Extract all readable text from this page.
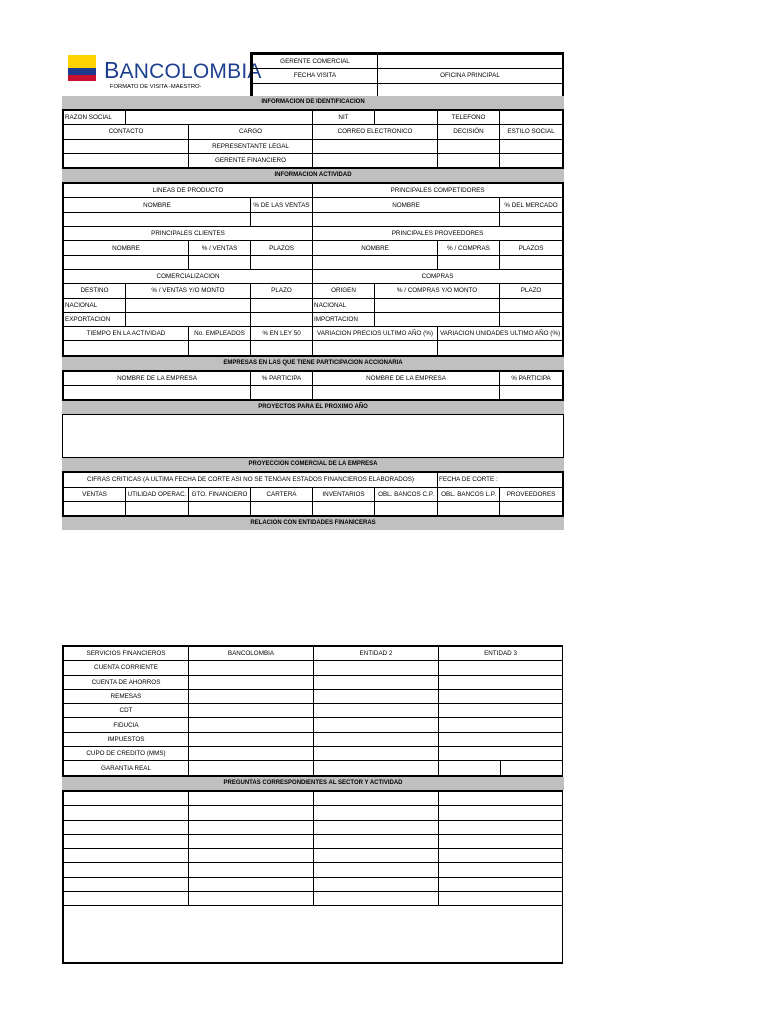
BANCOLOMBIA
FORMATO DE VISITA -MAESTRO-
GERENTE COMERCIAL	
FECHA VISITA	OFICINA PRINCIPAL

INFORMACION DE IDENTIFICACION
RAZON SOCIAL			NIT		TELEFONO	
CONTACTO		CARGO	CORREO ELECTRONICO		DECISIÓN	ESTILO SOCIAL
		REPRESENTANTE LEGAL				
		GERENTE FINANCIERO				
INFORMACION ACTIVIDAD
LINEAS DE PRODUCTO				PRINCIPALES COMPETIDORES			
NOMBRE			% DE LAS VENTAS	NOMBRE			% DEL MERCADO

PRINCIPALES CLIENTES				PRINCIPALES PROVEEDORES			
NOMBRE		% / VENTAS	PLAZOS	NOMBRE		% / COMPRAS	PLAZOS

COMERCIALIZACION				COMPRAS			
DESTINO	% / VENTAS Y/O MONTO		PLAZO	ORIGEN	% / COMPRAS Y/O MONTO		PLAZO
NACIONAL				NACIONAL			
EXPORTACION				IMPORTACION			
TIEMPO EN LA ACTIVIDAD		No. EMPLEADOS	% EN LEY 50	VARIACION PRECIOS ULTIMO AÑO (%)		VARIACION UNIDADES ULTIMO AÑO (%)	

EMPRESAS EN LAS QUE TIENE PARTICIPACION ACCIONARIA
NOMBRE DE LA EMPRESA	% PARTICIPA	NOMBRE DE LA EMPRESA	% PARTICIPA

PROYECTOS PARA EL PROXIMO AÑO
PROYECCION COMERCIAL DE LA EMPRESA
CIFRAS CRITICAS (A ULTIMA FECHA DE CORTE ASI NO SE TENGAN ESTADOS FINANCIEROS ELABORADOS)						FECHA DE CORTE :	
VENTAS	UTILIDAD OPERAC.	GTO. FINANCIERO	CARTERA	INVENTARIOS	OBL. BANCOS C.P.	OBL. BANCOS L.P.	PROVEEDORES

RELACION CON ENTIDADES FINANICERAS
SERVICIOS FINANCIEROS	BANCOLOMBIA	ENTIDAD 2	ENTIDAD 3	
CUENTA CORRIENTE				
CUENTA DE AHORROS				
REMESAS				
CDT				
FIDUCIA				
IMPUESTOS				
CUPO DE CREDITO (MMS)				
GARANTIA REAL				
PREGUNTAS CORRESPONDIENTES AL SECTOR Y ACTIVIDAD
